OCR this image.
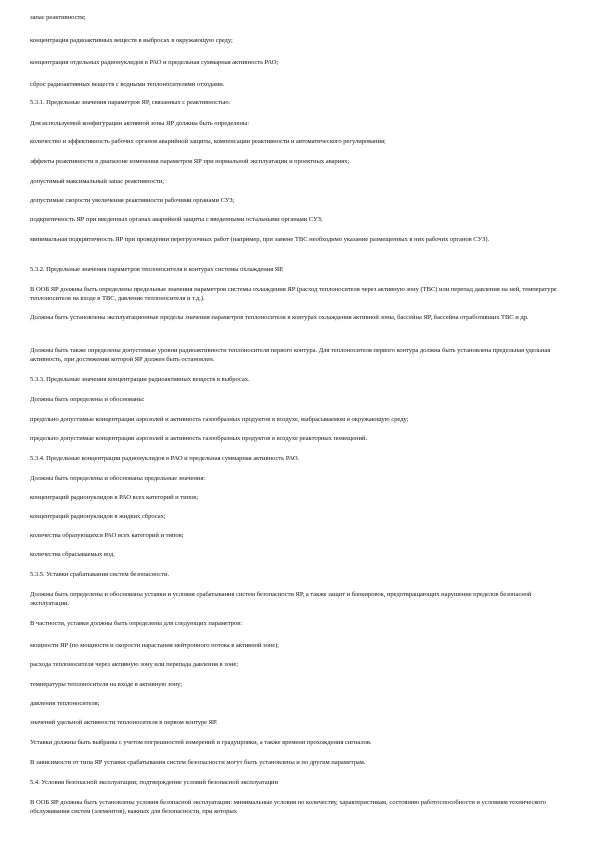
запас реактивности;
концентрация радиоактивных веществ в выбросах в окружающую среду;
концентрация отдельных радионуклидов в РАО и предельная суммарная активность РАО;
сброс радиоактивных веществ с водными теплоносителями отходами.
5.3.1. Предельные значения параметров ЯР, связанных с реактивностью.
Для используемой конфигурации активной зоны ЯР должны быть определены:
количество и эффективность рабочих органов аварийной защиты, компенсации реактивности и автоматического регулирования;
эффекты реактивности в диапазоне изменения параметров ЯР при нормальной эксплуатации и проектных авариях;
допустимый максимальный запас реактивности;
допустимые скорости увеличения реактивности рабочими органами СУЗ;
подкритичность ЯР при введенных органах аварийной защиты с введенными остальными органами СУЗ;
минимальная подкритичность ЯР при проведении перегрузочных работ (например, при замене ТВС необходимо указание размещенных в них рабочих органов СУЗ).
5.3.2. Предельные значения параметров теплоносителя в контурах системы охлаждения ЯР.
В ООБ ЯР должны быть определены предельные значения параметров системы охлаждения ЯР (расход теплоносителя через активную зону (ТВС) или перепад давления на ней, температуре теплоносителя на входе в ТВС, давление теплоносителя и т.д.).
Должны быть установлены эксплуатационные пределы значения параметров теплоносителя в контурах охлаждения активной зоны, бассейна ЯР, бассейна отработавших ТВС и др.
Должны быть также определены допустимые уровни радиоактивности теплоносителя первого контура. Для теплоносителя первого контура должна быть установлена предельная удельная активность, при достижении которой ЯР должен быть остановлен.
5.3.3. Предельные значения концентрации радиоактивных веществ в выбросах.
Должны быть определены и обоснованы:
предельно допустимые концентрации аэрозолей и активность газообразных продуктов в воздухе, выбрасываемом в окружающую среду;
предельно допустимые концентрации аэрозолей и активность газообразных продуктов в воздухе реакторных помещений.
5.3.4. Предельные концентрации радионуклидов в РАО и предельная суммарная активность РАО.
Должны быть определены и обоснованы предельные значения:
концентраций радионуклидов в РАО всех категорий и типов;
концентраций радионуклидов в жидких сбросах;
количества образующихся РАО всех категорий и типов;
количества сбрасываемых вод.
5.3.5. Уставки срабатывания систем безопасности.
Должны быть определены и обоснованы уставки и условия срабатывания систем безопасности ЯР, а также защит и блокировок, предотвращающих нарушение пределов безопасной эксплуатации.
В частности, уставки должны быть определены для следующих параметров:
мощности ЯР (по мощности и скорости нарастания нейтронного потока в активной зоне);
расхода теплоносителя через активную зону или перепада давления в зоне;
температуры теплоносителя на входе в активную зону;
давления теплоносителя;
значений удельной активности теплоносителя в первом контуре ЯР.
Уставки должны быть выбраны с учетом погрешностей измерений и градуировки, а также времени прохождения сигналов.
В зависимости от типа ЯР уставки срабатывания систем безопасности могут быть установлены и по другим параметрам.
5.4. Условия безопасной эксплуатации; подтверждение условий безопасной эксплуатации
В ООБ ЯР должны быть установлены условия безопасной эксплуатации: минимальные условия по количеству, характеристикам, состоянию работоспособности и условиям технического обслуживания систем (элементов), важных для безопасности, при которых
